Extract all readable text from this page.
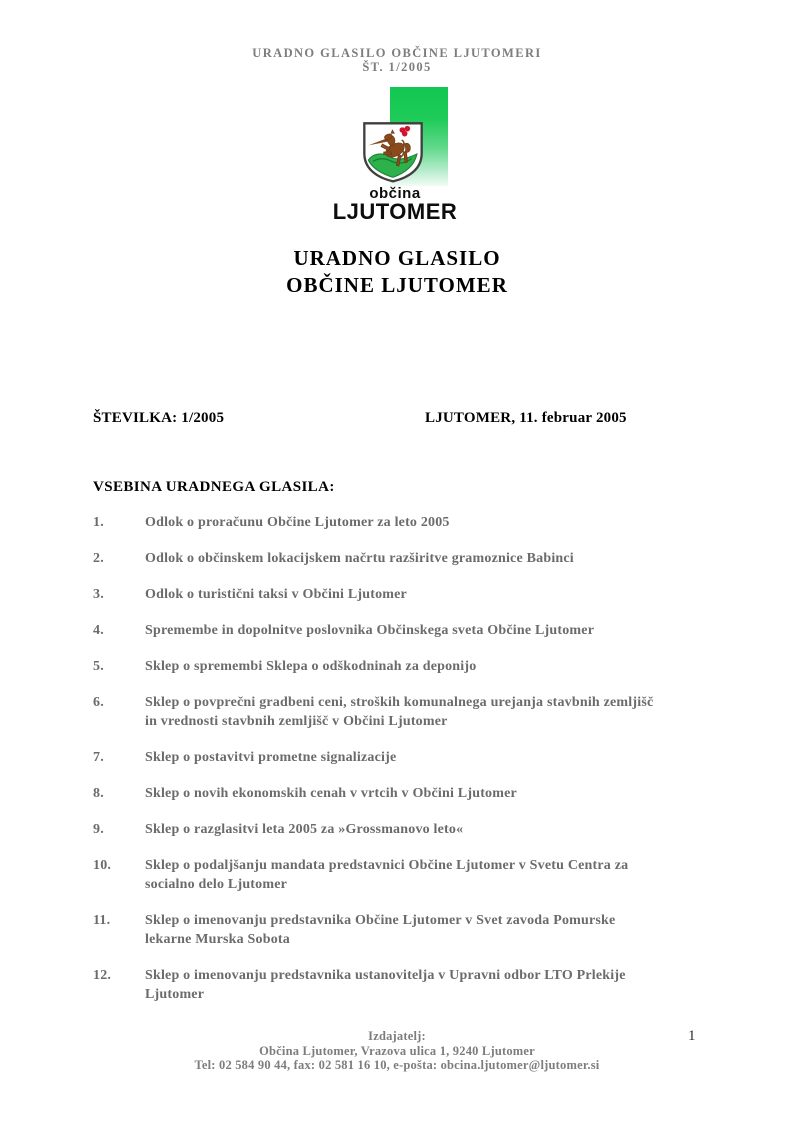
URADNO GLASILO OBČINE LJUTOMERI
ŠT. 1/2005
občina
LJUTOMER
URADNO GLASILO
OBČINE LJUTOMER
ŠTEVILKA: 1/2005	LJUTOMER, 11. februar 2005
VSEBINA URADNEGA GLASILA:
1.	Odlok o proračunu Občine Ljutomer za leto 2005
2.	Odlok o občinskem lokacijskem načrtu razširitve gramoznice Babinci
3.	Odlok o turistični taksi v Občini Ljutomer
4.	Spremembe in dopolnitve poslovnika Občinskega sveta Občine Ljutomer
5.	Sklep o spremembi Sklepa o odškodninah za deponijo
6.	Sklep o povprečni gradbeni ceni, stroških komunalnega urejanja stavbnih zemljišč in vrednosti stavbnih zemljišč v Občini Ljutomer
7.	Sklep o postavitvi prometne signalizacije
8.	Sklep o novih ekonomskih cenah v vrtcih v Občini Ljutomer
9.	Sklep o razglasitvi leta 2005 za »Grossmanovo leto«
10.	Sklep o podaljšanju mandata predstavnici Občine Ljutomer v Svetu Centra za socialno delo Ljutomer
11.	Sklep o imenovanju predstavnika Občine Ljutomer v Svet zavoda Pomurske lekarne Murska Sobota
12.	Sklep o imenovanju predstavnika ustanovitelja v Upravni odbor LTO Prlekije Ljutomer
Izdajatelj:
Občina Ljutomer, Vrazova ulica 1, 9240 Ljutomer
Tel: 02 584 90 44, fax: 02 581 16 10, e-pošta: obcina.ljutomer@ljutomer.si
1
